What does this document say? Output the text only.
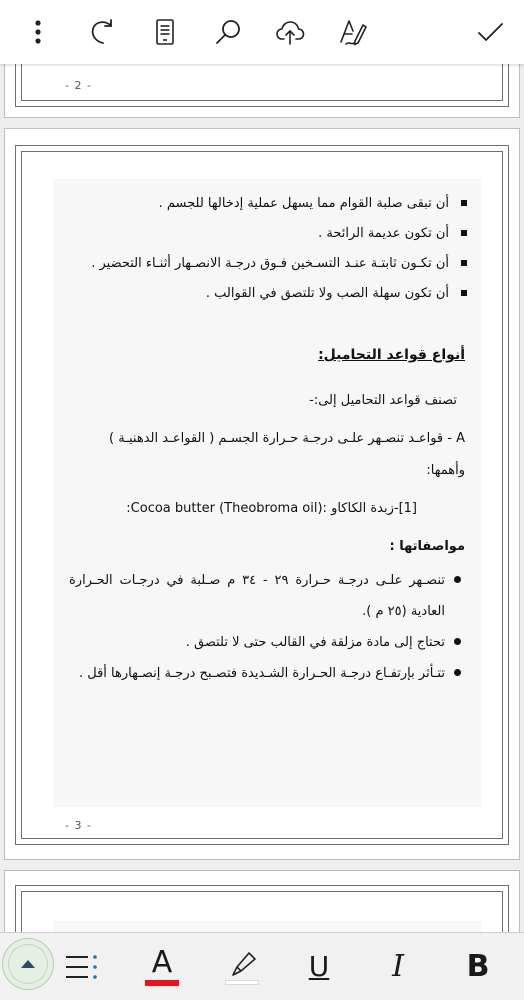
- 2 -
أن تبقى صلبة القوام مما يسهل عملية إدخالها للجسم .
أن تكون عديمة الرائحة .
أن تكـون ثابتـة عنـد التسـخين فـوق درجـة الانصـهار أثنـاء التحضير .
أن تكون سهلة الصب ولا تلتصق في القوالب .
أنواع قواعد التحاميل:
تصنف قواعد التحاميل إلى:-
A - قواعـد تنصـهر علـى درجـة حـرارة الجسـم ( القواعـد الدهنيـة )
وأهمها:
[1]-زبدة الكاكاو :(Cocoa butter (Theobroma oil:
مواصفاتها :
تنصـهر علـى درجـة حـرارة ٢٩ - ٣٤ م صـلبة في درجـات الحـرارة العادية (٢٥ م ).
تحتاج إلى مادة مزلقة في القالب حتى لا تلتصق .
تتـأثر بإرتفـاع درجـة الحـرارة الشـديدة فتصـبح درجـة إنصـهارها أقل .
- 3 -
A	U I B
